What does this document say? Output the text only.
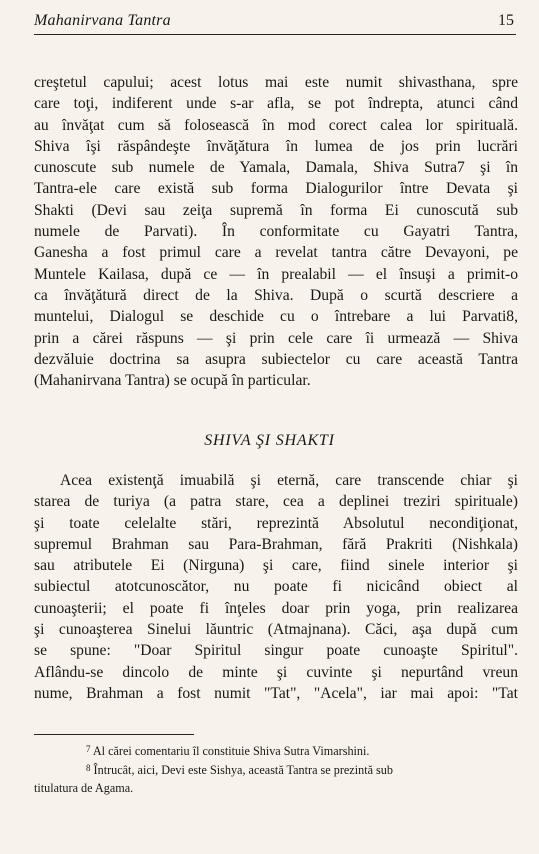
Mahanirvana Tantra	15
creştetul capului; acest lotus mai este numit shivasthana, spre
care toţi, indiferent unde s-ar afla, se pot îndrepta, atunci când
au învăţat cum să folosească în mod corect calea lor spirituală.
Shiva îşi răspândeşte învăţătura în lumea de jos prin lucrări
cunoscute sub numele de Yamala, Damala, Shiva Sutra7 şi în
Tantra-ele care există sub forma Dialogurilor între Devata şi
Shakti (Devi sau zeiţa supremă în forma Ei cunoscută sub
numele de Parvati). În conformitate cu Gayatri Tantra,
Ganesha a fost primul care a revelat tantra către Devayoni, pe
Muntele Kailasa, după ce — în prealabil — el însuşi a primit-o
ca învăţătură direct de la Shiva. După o scurtă descriere a
muntelui, Dialogul se deschide cu o întrebare a lui Parvati8,
prin a cărei răspuns — şi prin cele care îi urmează — Shiva
dezvăluie doctrina sa asupra subiectelor cu care această Tantra
(Mahanirvana Tantra) se ocupă în particular.
SHIVA ŞI SHAKTI
Acea existenţă imuabilă şi eternă, care transcende chiar şi
starea de turiya (a patra stare, cea a deplinei treziri spirituale)
şi toate celelalte stări, reprezintă Absolutul necondiţionat,
supremul Brahman sau Para-Brahman, fără Prakriti (Nishkala)
sau atributele Ei (Nirguna) şi care, fiind sinele interior şi
subiectul atotcunoscător, nu poate fi nicicând obiect al
cunoaşterii; el poate fi înţeles doar prin yoga, prin realizarea
şi cunoaşterea Sinelui lăuntric (Atmajnana). Căci, aşa după cum
se spune: "Doar Spiritul singur poate cunoaşte Spiritul".
Aflându-se dincolo de minte şi cuvinte şi nepurtând vreun
nume, Brahman a fost numit "Tat", "Acela", iar mai apoi: "Tat
$^7$ Al cărei comentariu îl constituie Shiva Sutra Vimarshini.
$^8$ Întrucât, aici, Devi este Sishya, această Tantra se prezintă sub
titulatura de Agama.
